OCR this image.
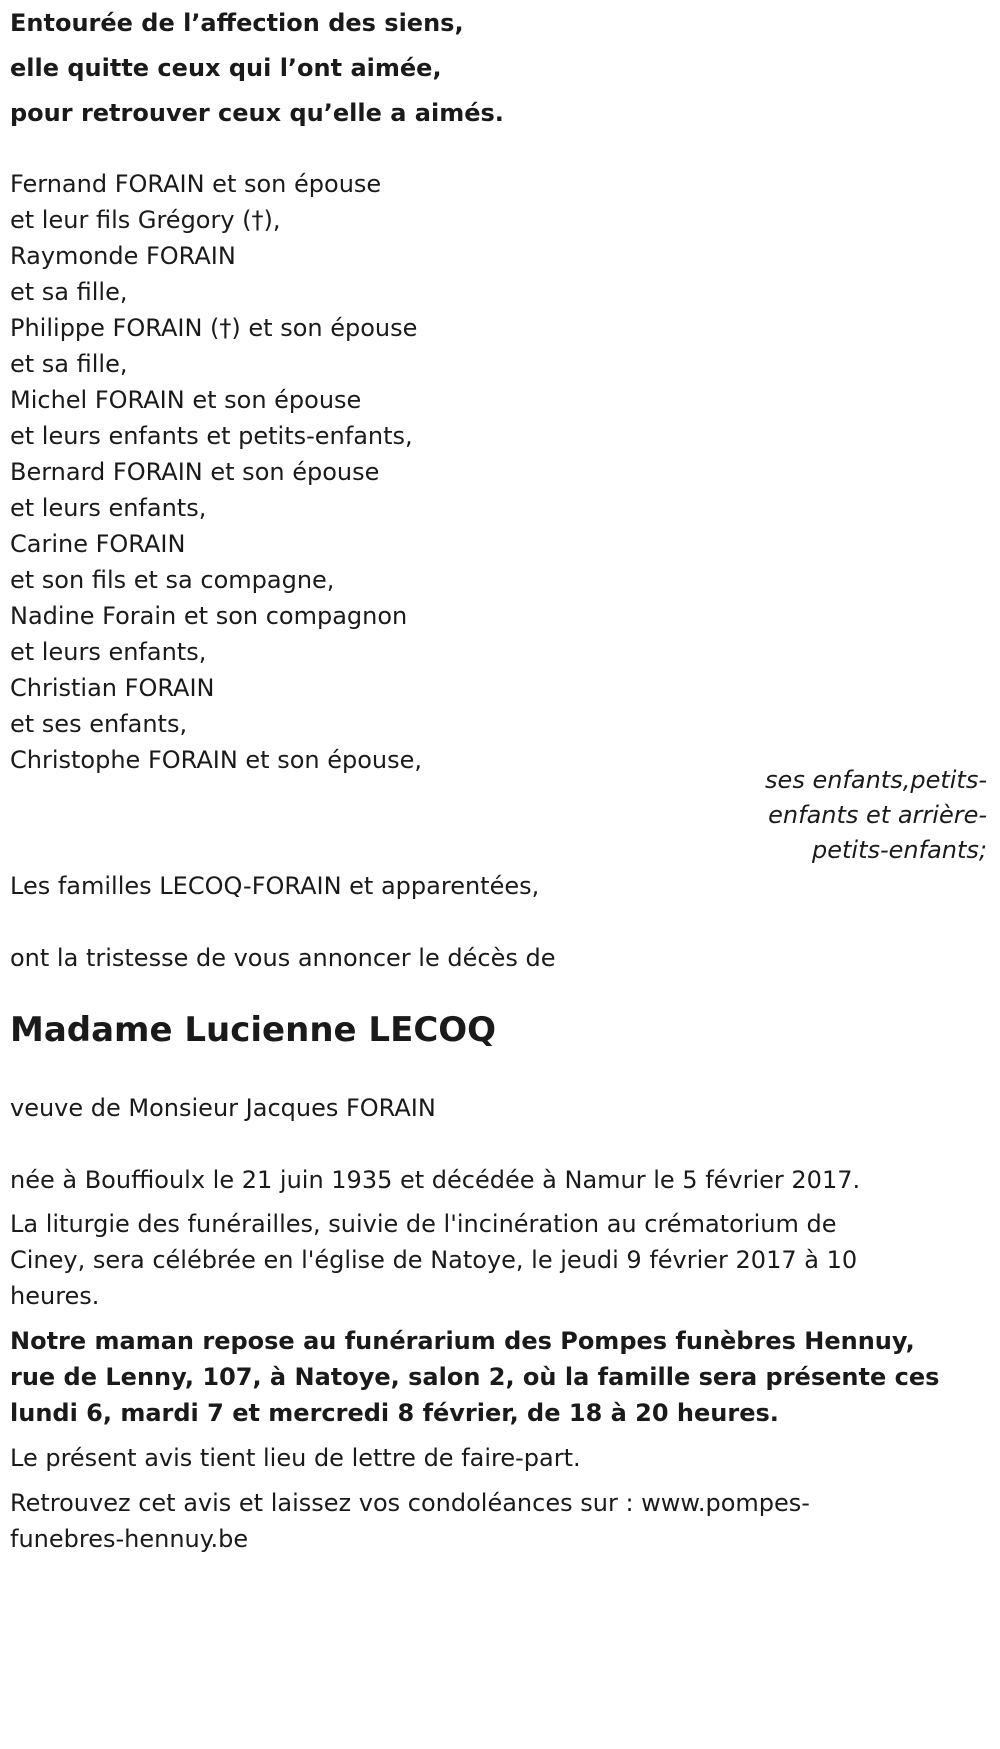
Entourée de l’affection des siens,

elle quitte ceux qui l’ont aimée,

pour retrouver ceux qu’elle a aimés.

Fernand FORAIN et son épouse

et leur fils Grégory (†),

Raymonde FORAIN

et sa fille,

Philippe FORAIN (†) et son épouse

et sa fille,

Michel FORAIN et son épouse

et leurs enfants et petits-enfants,

Bernard FORAIN et son épouse

et leurs enfants,

Carine FORAIN

et son fils et sa compagne,

Nadine Forain et son compagnon

et leurs enfants,

Christian FORAIN

et ses enfants,

Christophe FORAIN et son épouse,

ses enfants,petits-

enfants et arrière-

petits-enfants;

Les familles LECOQ-FORAIN et apparentées,

ont la tristesse de vous annoncer le décès de

Madame Lucienne LECOQ

veuve de Monsieur Jacques FORAIN

née à Bouffioulx le 21 juin 1935 et décédée à Namur le 5 février 2017.

La liturgie des funérailles, suivie de l'incinération au crématorium de

Ciney, sera célébrée en l'église de Natoye, le jeudi 9 février 2017 à 10

heures.

Notre maman repose au funérarium des Pompes funèbres Hennuy,

rue de Lenny, 107, à Natoye, salon 2, où la famille sera présente ces

lundi 6, mardi 7 et mercredi 8 février, de 18 à 20 heures.

Le présent avis tient lieu de lettre de faire-part.

Retrouvez cet avis et laissez vos condoléances sur : www.pompes-

funebres-hennuy.be
